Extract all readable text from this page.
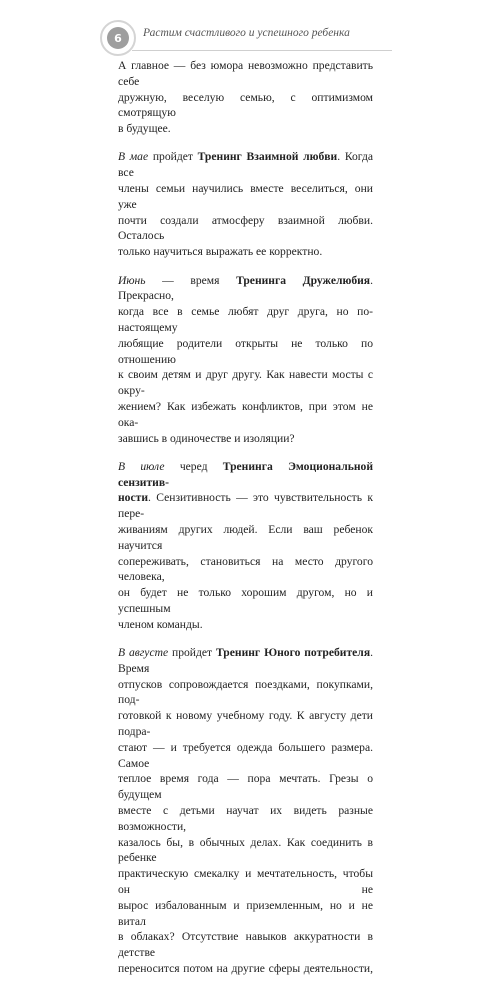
6	Растим счастливого и успешного ребенка

А главное — без юмора невозможно представить себе
дружную, веселую семью, с оптимизмом смотрящую
в будущее.

В мае пройдет Тренинг Взаимной любви. Когда все
члены семьи научились вместе веселиться, они уже
почти создали атмосферу взаимной любви. Осталось
только научиться выражать ее корректно.

Июнь — время Тренинга Дружелюбия. Прекрасно,
когда все в семье любят друг друга, но по-настоящему
любящие родители открыты не только по отношению
к своим детям и друг другу. Как навести мосты с окру-
жением? Как избежать конфликтов, при этом не ока-
завшись в одиночестве и изоляции?

В июле черед Тренинга Эмоциональной сензитив-
ности. Сензитивность — это чувствительность к пере-
живаниям других людей. Если ваш ребенок научится
сопереживать, становиться на место другого человека,
он будет не только хорошим другом, но и успешным
членом команды.

В августе пройдет Тренинг Юного потребителя. Время
отпусков сопровождается поездками, покупками, под-
готовкой к новому учебному году. К августу дети подра-
стают — и требуется одежда большего размера. Самое
теплое время года — пора мечтать. Грезы о будущем
вместе с детьми научат их видеть разные возможности,
казалось бы, в обычных делах. Как соединить в ребенке
практическую смекалку и мечтательность, чтобы он не
вырос избалованным и приземленным, но и не витал
в облаках? Отсутствие навыков аккуратности в детстве
переносится потом на другие сферы деятельности,
